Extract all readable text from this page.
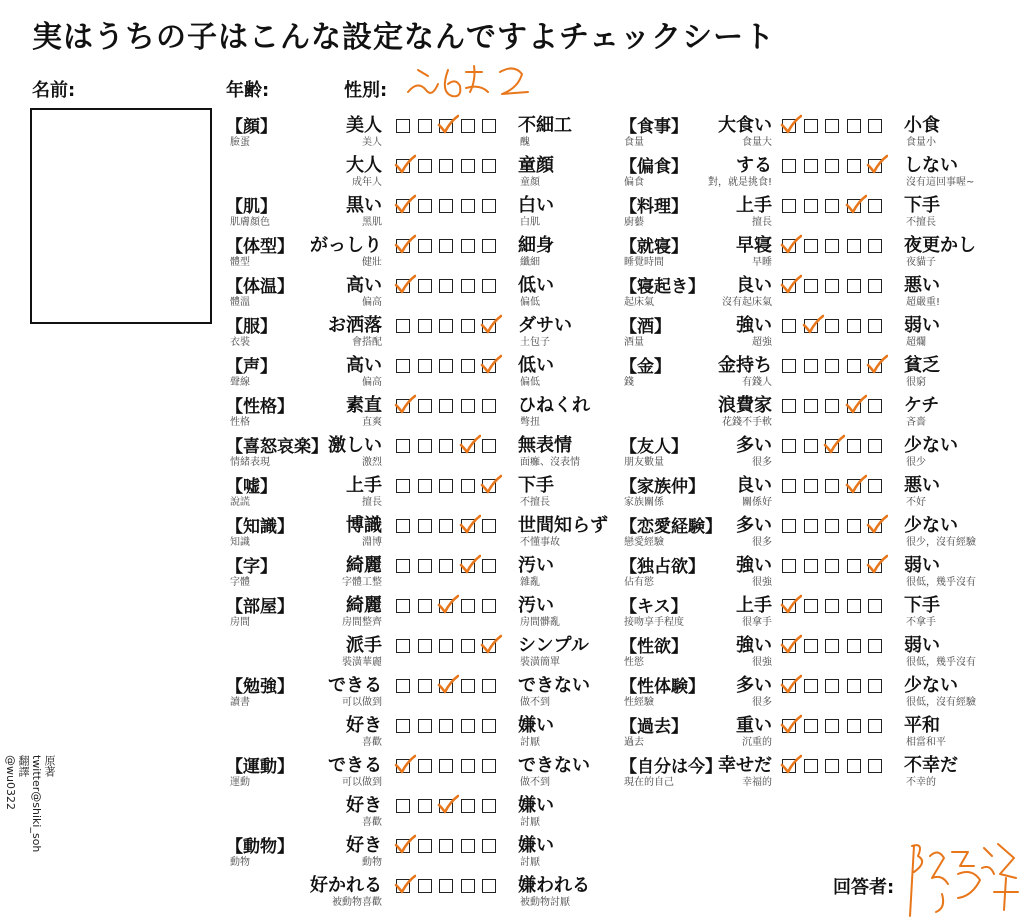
実はうちの子はこんな設定なんですよチェックシート
名前:	年齢:	性別:
原著
twitter@shiki_soh
翻譯
@wu0322
回答者:
【顔】
臉蛋
美人
美人
不細工
醜
大人
成年人
童顔
童顏
【肌】
肌膚顏色
黒い
黑肌
白い
白肌
【体型】
體型
がっしり
健壯
細身
纖細
【体温】
體溫
高い
偏高
低い
偏低
【服】
衣裝
お洒落
會搭配
ダサい
土包子
【声】
聲線
高い
偏高
低い
偏低
【性格】
性格
素直
直爽
ひねくれ
彆扭
【喜怒哀楽】
情緒表現
激しい
激烈
無表情
面癱、沒表情
【嘘】
說謊
上手
擅長
下手
不擅長
【知識】
知識
博識
淵博
世間知らず
不懂事故
【字】
字體
綺麗
字體工整
汚い
雜亂
【部屋】
房間
綺麗
房間整齊
汚い
房間髒亂
派手
裝潢華麗
シンプル
裝潢簡單
【勉強】
讀書
できる
可以做到
できない
做不到
好き
喜歡
嫌い
討厭
【運動】
運動
できる
可以做到
できない
做不到
好き
喜歡
嫌い
討厭
【動物】
動物
好き
動物
嫌い
討厭
好かれる
被動物喜歡
嫌われる
被動物討厭
【食事】
食量
大食い
食量大
小食
食量小
【偏食】
偏食
する
對，就是挑食!
しない
沒有這回事喔~
【料理】
廚藝
上手
擅長
下手
不擅長
【就寝】
睡覺時間
早寝
早睡
夜更かし
夜貓子
【寝起き】
起床氣
良い
沒有起床氣
悪い
超嚴重!
【酒】
酒量
強い
超強
弱い
超爛
【金】
錢
金持ち
有錢人
貧乏
很窮
浪費家
花錢不手軟
ケチ
吝嗇
【友人】
朋友數量
多い
很多
少ない
很少
【家族仲】
家族關係
良い
關係好
悪い
不好
【恋愛経験】
戀愛經驗
多い
很多
少ない
很少，沒有經驗
【独占欲】
佔有慾
強い
很強
弱い
很低，幾乎沒有
【キス】
接吻享手程度
上手
很拿手
下手
不拿手
【性欲】
性慾
強い
很強
弱い
很低，幾乎沒有
【性体験】
性經驗
多い
很多
少ない
很低，沒有經驗
【過去】
過去
重い
沉重的
平和
相當和平
【自分は今】
現在的自己
幸せだ
幸福的
不幸だ
不幸的
